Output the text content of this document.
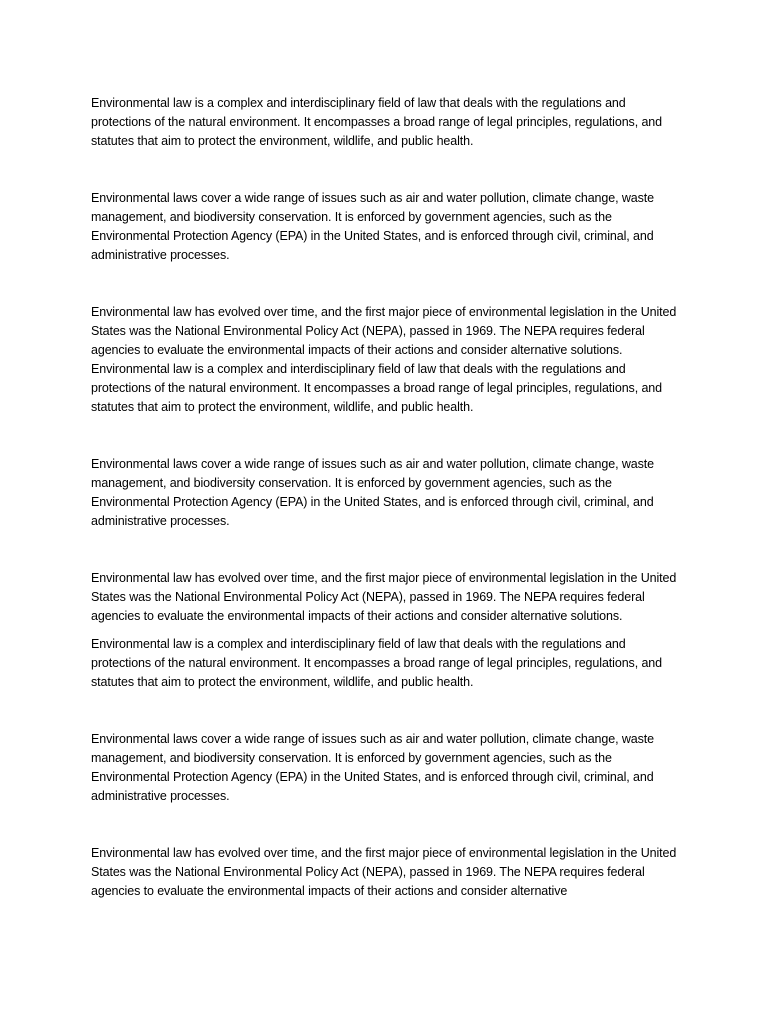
Environmental law is a complex and interdisciplinary field of law that deals with the regulations and protections of the natural environment. It encompasses a broad range of legal principles, regulations, and statutes that aim to protect the environment, wildlife, and public health.

Environmental laws cover a wide range of issues such as air and water pollution, climate change, waste management, and biodiversity conservation. It is enforced by government agencies, such as the Environmental Protection Agency (EPA) in the United States, and is enforced through civil, criminal, and administrative processes.

Environmental law has evolved over time, and the first major piece of environmental legislation in the United States was the National Environmental Policy Act (NEPA), passed in 1969. The NEPA requires federal agencies to evaluate the environmental impacts of their actions and consider alternative solutions. Environmental law is a complex and interdisciplinary field of law that deals with the regulations and protections of the natural environment. It encompasses a broad range of legal principles, regulations, and statutes that aim to protect the environment, wildlife, and public health.

Environmental laws cover a wide range of issues such as air and water pollution, climate change, waste management, and biodiversity conservation. It is enforced by government agencies, such as the Environmental Protection Agency (EPA) in the United States, and is enforced through civil, criminal, and administrative processes.

Environmental law has evolved over time, and the first major piece of environmental legislation in the United States was the National Environmental Policy Act (NEPA), passed in 1969. The NEPA requires federal agencies to evaluate the environmental impacts of their actions and consider alternative solutions.

Environmental law is a complex and interdisciplinary field of law that deals with the regulations and protections of the natural environment. It encompasses a broad range of legal principles, regulations, and statutes that aim to protect the environment, wildlife, and public health.

Environmental laws cover a wide range of issues such as air and water pollution, climate change, waste management, and biodiversity conservation. It is enforced by government agencies, such as the Environmental Protection Agency (EPA) in the United States, and is enforced through civil, criminal, and administrative processes.

Environmental law has evolved over time, and the first major piece of environmental legislation in the United States was the National Environmental Policy Act (NEPA), passed in 1969. The NEPA requires federal agencies to evaluate the environmental impacts of their actions and consider alternative
